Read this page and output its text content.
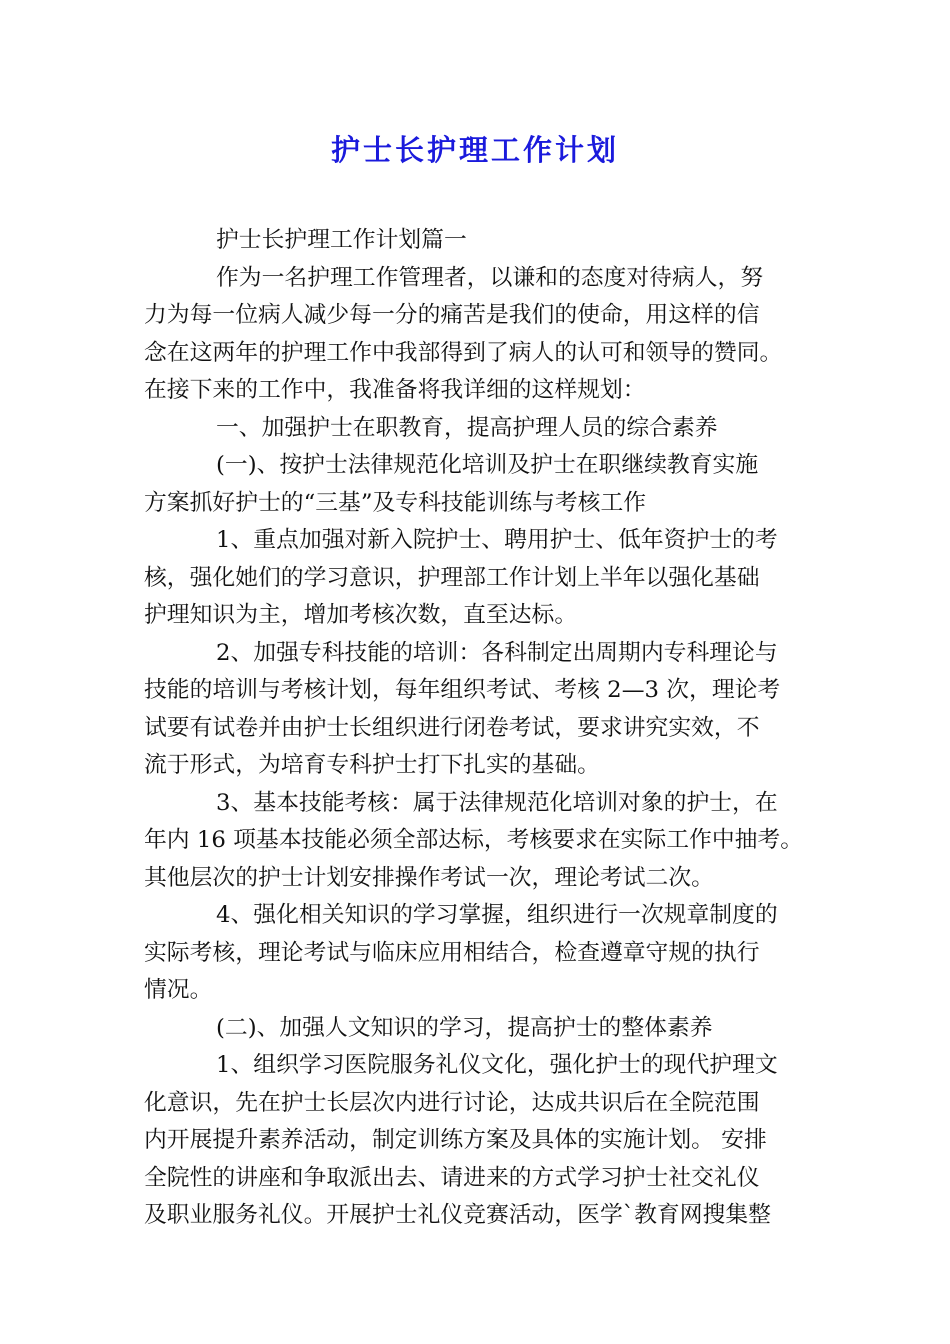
护士长护理工作计划
护士长护理工作计划篇一
作为一名护理工作管理者，以谦和的态度对待病人，努
力为每一位病人减少每一分的痛苦是我们的使命，用这样的信
念在这两年的护理工作中我部得到了病人的认可和领导的赞同。
在接下来的工作中，我准备将我详细的这样规划：
一、加强护士在职教育，提高护理人员的综合素养
(一)、按护士法律规范化培训及护士在职继续教育实施
方案抓好护士的“三基”及专科技能训练与考核工作
1、重点加强对新入院护士、聘用护士、低年资护士的考
核，强化她们的学习意识，护理部工作计划上半年以强化基础
护理知识为主，增加考核次数，直至达标。
2、加强专科技能的培训：各科制定出周期内专科理论与
技能的培训与考核计划，每年组织考试、考核 2—3 次，理论考
试要有试卷并由护士长组织进行闭卷考试，要求讲究实效，不
流于形式，为培育专科护士打下扎实的基础。
3、基本技能考核：属于法律规范化培训对象的护士，在
年内 16 项基本技能必须全部达标，考核要求在实际工作中抽考。
其他层次的护士计划安排操作考试一次，理论考试二次。
4、强化相关知识的学习掌握，组织进行一次规章制度的
实际考核，理论考试与临床应用相结合，检查遵章守规的执行
情况。
(二)、加强人文知识的学习，提高护士的整体素养
1、组织学习医院服务礼仪文化，强化护士的现代护理文
化意识，先在护士长层次内进行讨论，达成共识后在全院范围
内开展提升素养活动，制定训练方案及具体的实施计划。 安排
全院性的讲座和争取派出去、请进来的方式学习护士社交礼仪
及职业服务礼仪。开展护士礼仪竞赛活动，医学`教育网搜集整
